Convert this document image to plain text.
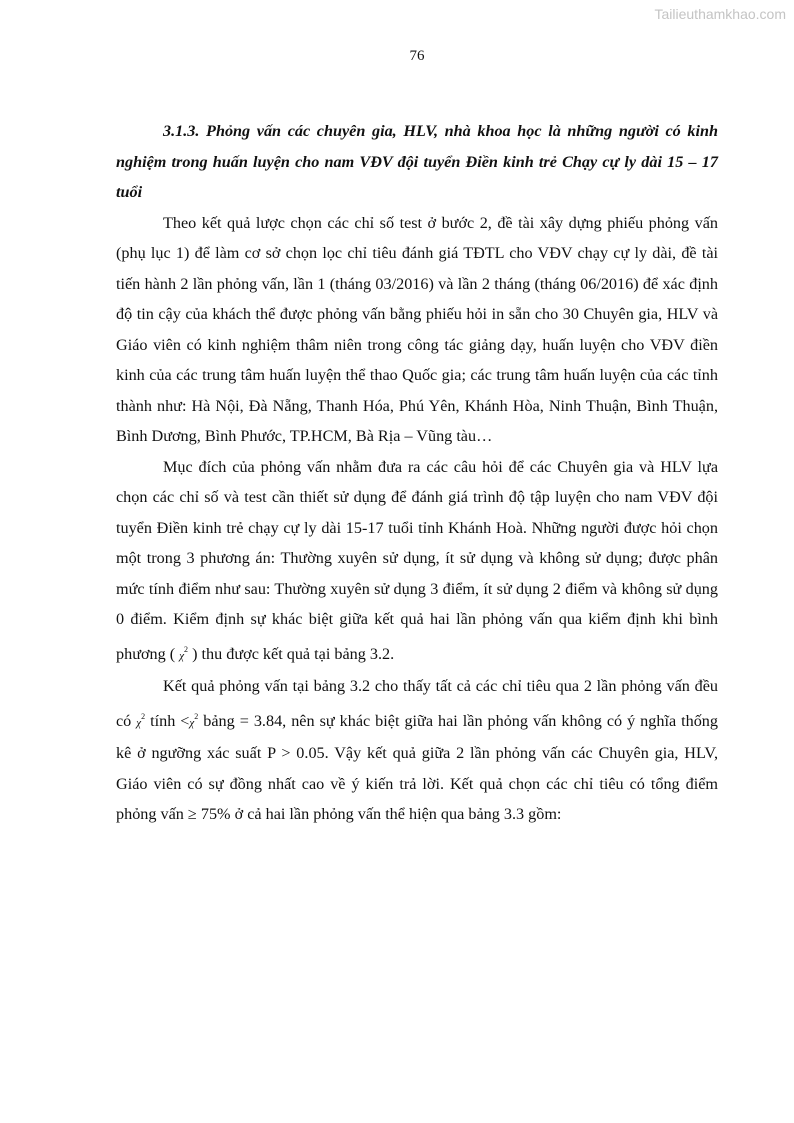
Tailieuthamkhao.com
76

3.1.3. Phỏng vấn các chuyên gia, HLV, nhà khoa học là những người có kinh nghiệm trong huấn luyện cho nam VĐV đội tuyển Điền kinh trẻ Chạy cự ly dài 15 – 17 tuổi

Theo kết quả lược chọn các chỉ số test ở bước 2, đề tài xây dựng phiếu phỏng vấn (phụ lục 1) để làm cơ sở chọn lọc chỉ tiêu đánh giá TĐTL cho VĐV chạy cự ly dài, đề tài tiến hành 2 lần phỏng vấn, lần 1 (tháng 03/2016) và lần 2 tháng (tháng 06/2016) để xác định độ tin cậy của khách thể được phỏng vấn bằng phiếu hỏi in sẵn cho 30 Chuyên gia, HLV và Giáo viên có kinh nghiệm thâm niên trong công tác giảng dạy, huấn luyện cho VĐV điền kinh của các trung tâm huấn luyện thể thao Quốc gia; các trung tâm huấn luyện của các tỉnh thành như: Hà Nội, Đà Nẵng, Thanh Hóa, Phú Yên, Khánh Hòa, Ninh Thuận, Bình Thuận, Bình Dương, Bình Phước, TP.HCM, Bà Rịa – Vũng tàu…

Mục đích của phỏng vấn nhằm đưa ra các câu hỏi để các Chuyên gia và HLV lựa chọn các chỉ số và test cần thiết sử dụng để đánh giá trình độ tập luyện cho nam VĐV đội tuyển Điền kinh trẻ chạy cự ly dài 15-17 tuổi tỉnh Khánh Hoà. Những người được hỏi chọn một trong 3 phương án: Thường xuyên sử dụng, ít sử dụng và không sử dụng; được phân mức tính điểm như sau: Thường xuyên sử dụng 3 điểm, ít sử dụng 2 điểm và không sử dụng 0 điểm. Kiểm định sự khác biệt giữa kết quả hai lần phỏng vấn qua kiểm định khi bình phương ( $\chi^2$ ) thu được kết quả tại bảng 3.2.

Kết quả phỏng vấn tại bảng 3.2 cho thấy tất cả các chỉ tiêu qua 2 lần phỏng vấn đều có $\chi^2$ tính $<\chi^2$ bảng = 3.84, nên sự khác biệt giữa hai lần phỏng vấn không có ý nghĩa thống kê ở ngưỡng xác suất P > 0.05. Vậy kết quả giữa 2 lần phỏng vấn các Chuyên gia, HLV, Giáo viên có sự đồng nhất cao về ý kiến trả lời. Kết quả chọn các chỉ tiêu có tổng điểm phỏng vấn ≥ 75% ở cả hai lần phỏng vấn thể hiện qua bảng 3.3 gồm:
